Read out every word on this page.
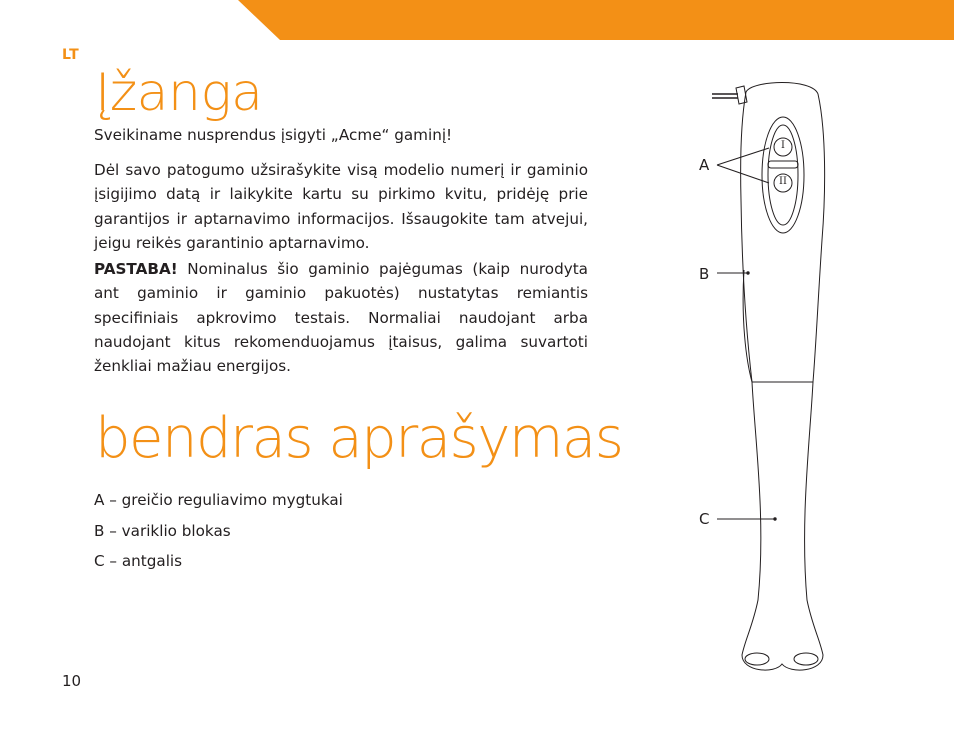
LT
Įžanga

Sveikiname nusprendus įsigyti „Acme“ gaminį!

Dėl savo patogumo užsirašykite visą modelio numerį ir gaminio įsigijimo datą ir laikykite kartu su pirkimo kvitu, pridėję prie garantijos ir aptarnavimo informacijos. Išsaugokite tam atvejui, jeigu reikės garantinio aptarnavimo.

PASTABA! Nominalus šio gaminio pajėgumas (kaip nurodyta ant gaminio ir gaminio pakuotės) nustatytas remiantis specifiniais apkrovimo testais. Normaliai naudojant arba naudojant kitus rekomenduojamus įtaisus, galima suvartoti ženkliai mažiau energijos.

bendras aprašymas
A – greičio reguliavimo mygtukai
B – variklio blokas
C – antgalis
I
II
A
B
C
10
